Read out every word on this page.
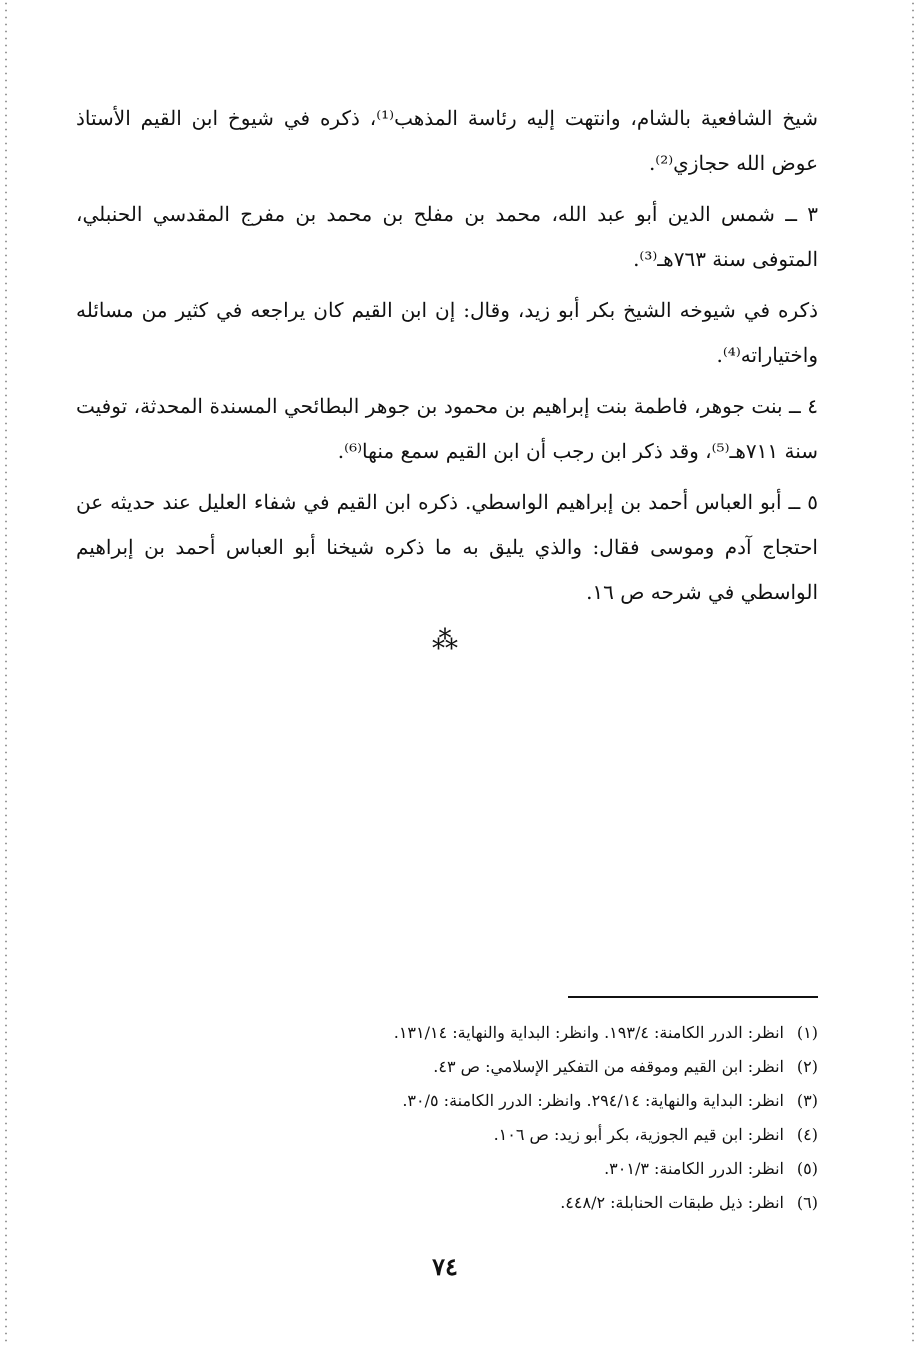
شيخ الشافعية بالشام، وانتهت إليه رئاسة المذهب⁽¹⁾، ذكره في شيوخ ابن القيم الأستاذ عوض الله حجازي⁽²⁾.

٣ ــ شمس الدين أبو عبد الله، محمد بن مفلح بن محمد بن مفرج المقدسي الحنبلي، المتوفى سنة ٧٦٣هـ⁽³⁾.

ذكره في شيوخه الشيخ بكر أبو زيد، وقال: إن ابن القيم كان يراجعه في كثير من مسائله واختياراته⁽⁴⁾.

٤ ــ بنت جوهر، فاطمة بنت إبراهيم بن محمود بن جوهر البطائحي المسندة المحدثة، توفيت سنة ٧١١هـ⁽⁵⁾، وقد ذكر ابن رجب أن ابن القيم سمع منها⁽⁶⁾.

٥ ــ أبو العباس أحمد بن إبراهيم الواسطي. ذكره ابن القيم في شفاء العليل عند حديثه عن احتجاج آدم وموسى فقال: والذي يليق به ما ذكره شيخنا أبو العباس أحمد بن إبراهيم الواسطي في شرحه ص ١٦.

⁂
(١)انظر: الدرر الكامنة: ١٩٣/٤. وانظر: البداية والنهاية: ١٣١/١٤.
(٢)انظر: ابن القيم وموقفه من التفكير الإسلامي: ص ٤٣.
(٣)انظر: البداية والنهاية: ٢٩٤/١٤. وانظر: الدرر الكامنة: ٣٠/٥.
(٤)انظر: ابن قيم الجوزية، بكر أبو زيد: ص ١٠٦.
(٥)انظر: الدرر الكامنة: ٣٠١/٣.
(٦)انظر: ذيل طبقات الحنابلة: ٤٤٨/٢.
٧٤
